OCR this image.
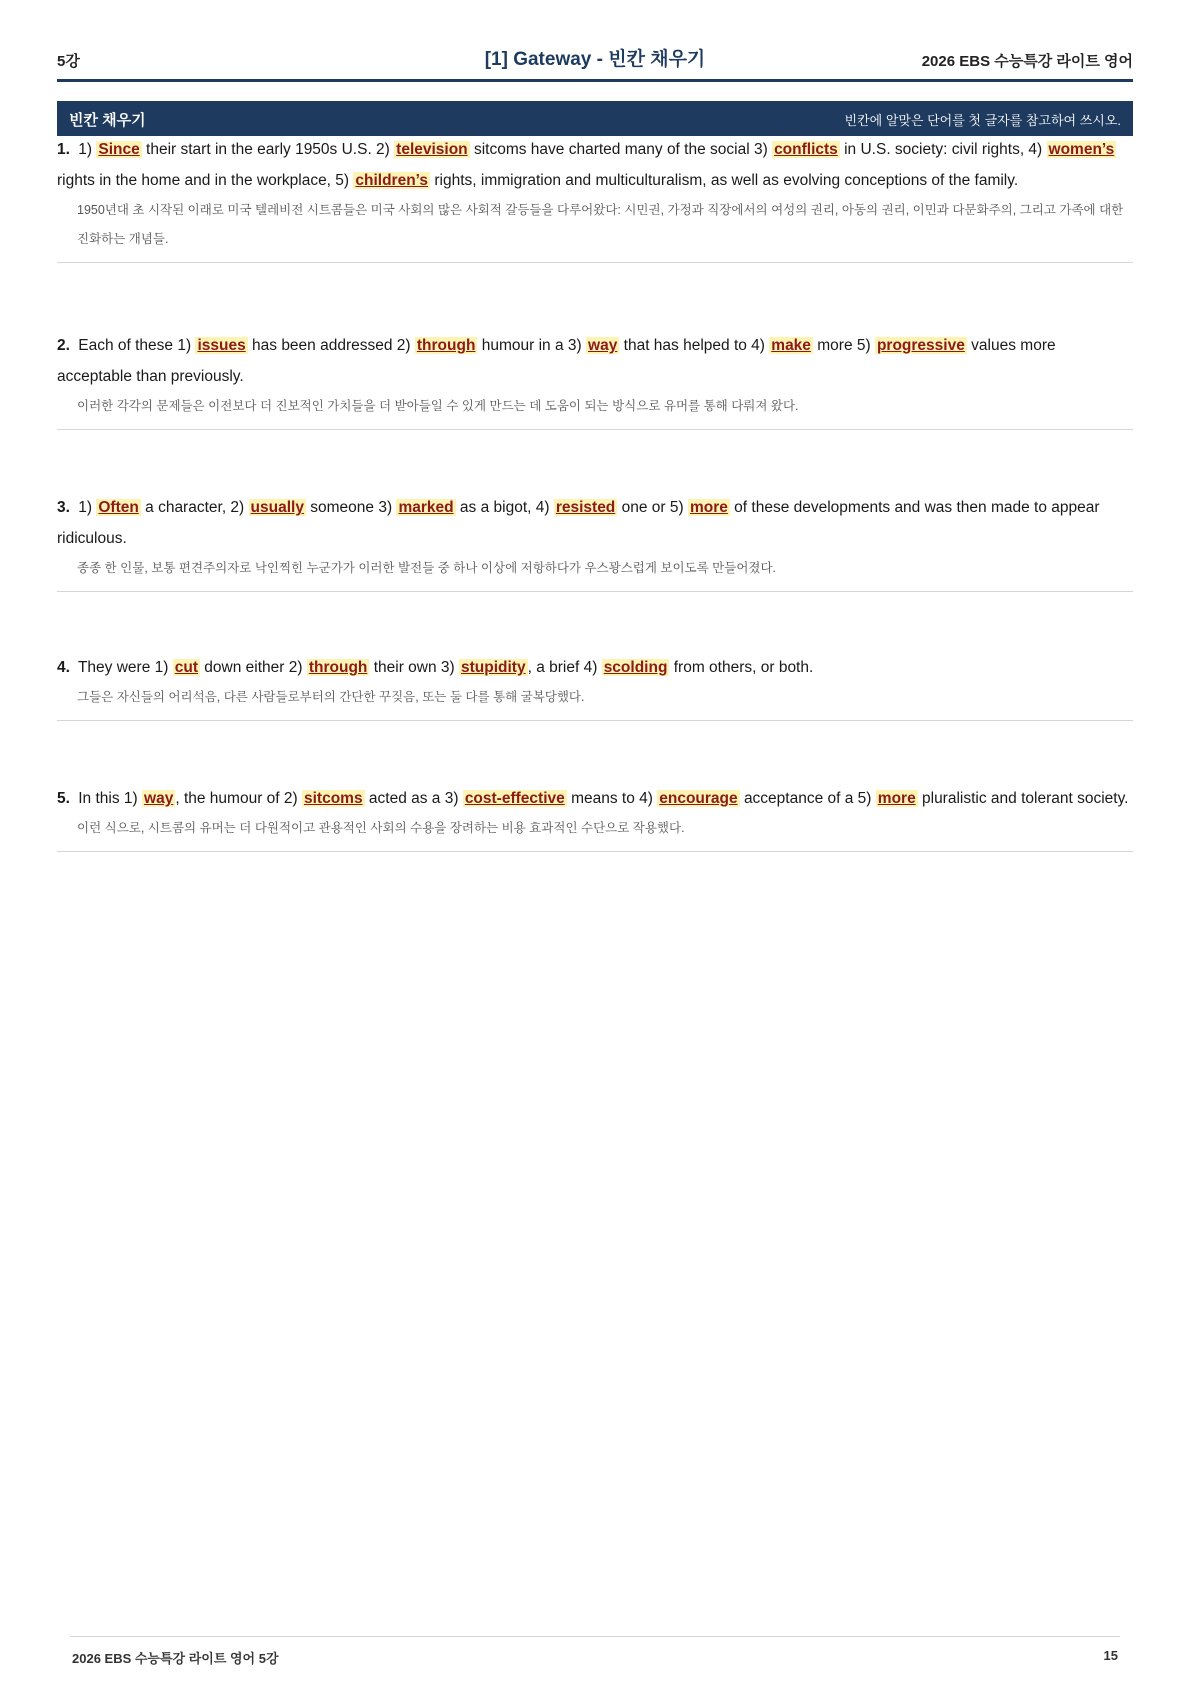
5강	[1] Gateway - 빈칸 채우기	2026 EBS 수능특강 라이트 영어
빈칸 채우기	빈칸에 알맞은 단어를 첫 글자를 참고하여 쓰시오.
1. 1) Since their start in the early 1950s U.S. 2) television sitcoms have charted many of the social 3) conflicts in U.S. society: civil rights, 4) women’s rights in the home and in the workplace, 5) children’s rights, immigration and multiculturalism, as well as evolving conceptions of the family.
1950년대 초 시작된 이래로 미국 텔레비전 시트콤들은 미국 사회의 많은 사회적 갈등들을 다루어왔다: 시민권, 가정과 직장에서의 여성의 권리, 아동의 권리, 이민과 다문화주의, 그리고 가족에 대한 진화하는 개념들.
2. Each of these 1) issues has been addressed 2) through humour in a 3) way that has helped to 4) make more 5) progressive values more acceptable than previously.
이러한 각각의 문제들은 이전보다 더 진보적인 가치들을 더 받아들일 수 있게 만드는 데 도움이 되는 방식으로 유머를 통해 다뤄져 왔다.
3. 1) Often a character, 2) usually someone 3) marked as a bigot, 4) resisted one or 5) more of these developments and was then made to appear ridiculous.
종종 한 인물, 보통 편견주의자로 낙인찍힌 누군가가 이러한 발전들 중 하나 이상에 저항하다가 우스꽝스럽게 보이도록 만들어졌다.
4. They were 1) cut down either 2) through their own 3) stupidity , a brief 4) scolding from others, or both.
그들은 자신들의 어리석음, 다른 사람들로부터의 간단한 꾸짖음, 또는 둘 다를 통해 굴복당했다.
5. In this 1) way , the humour of 2) sitcoms acted as a 3) cost-effective means to 4) encourage acceptance of a 5) more pluralistic and tolerant society.
이런 식으로, 시트콤의 유머는 더 다원적이고 관용적인 사회의 수용을 장려하는 비용 효과적인 수단으로 작용했다.
2026 EBS 수능특강 라이트 영어 5강	15
